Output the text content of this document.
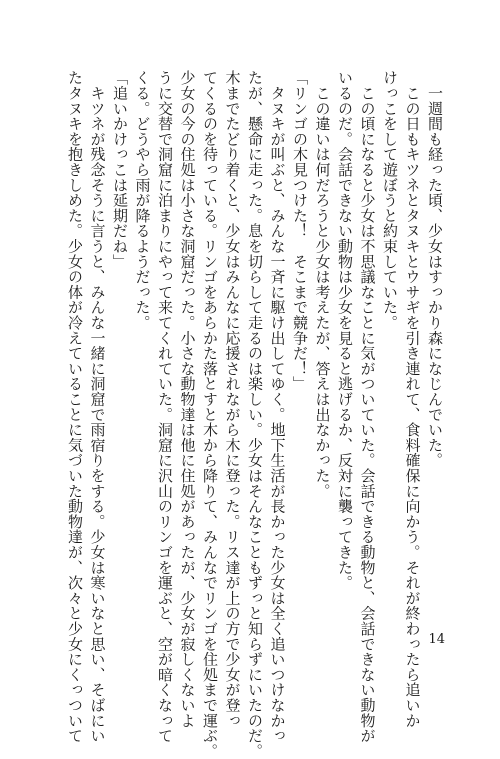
　一週間も経った頃、少女はすっかり森になじんでいた。
　この日もキツネとタヌキとウサギを引き連れて、食料確保に向かう。それが終わったら追いか
けっこをして遊ぼうと約束していた。
　この頃になると少女は不思議なことに気がついていた。会話できる動物と、会話できない動物が
いるのだ。会話できない動物は少女を見ると逃げるか、反対に襲ってきた。
　この違いは何だろうと少女は考えたが、答えは出なかった。
「リンゴの木見つけた！　そこまで競争だ！」
　タヌキが叫ぶと、みんな一斉に駆け出してゆく。地下生活が長かった少女は全く追いつけなかっ
たが、懸命に走った。息を切らして走るのは楽しい。少女はそんなこともずっと知らずにいたのだ。
木までたどり着くと、少女はみんなに応援されながら木に登った。リス達が上の方で少女が登っ
てくるのを待っている。リンゴをあらかた落とすと木から降りて、みんなでリンゴを住処まで運ぶ。
少女の今の住処は小さな洞窟だった。小さな動物達は他に住処があったが、少女が寂しくないよ
うに交替で洞窟に泊まりにやって来てくれていた。洞窟に沢山のリンゴを運ぶと、空が暗くなって
くる。どうやら雨が降るようだった。
「追いかけっこは延期だね」
　キツネが残念そうに言うと、みんな一緒に洞窟で雨宿りをする。少女は寒いなと思い、そばにい
たタヌキを抱きしめた。少女の体が冷えていることに気づいた動物達が、次々と少女にくっついて	14
